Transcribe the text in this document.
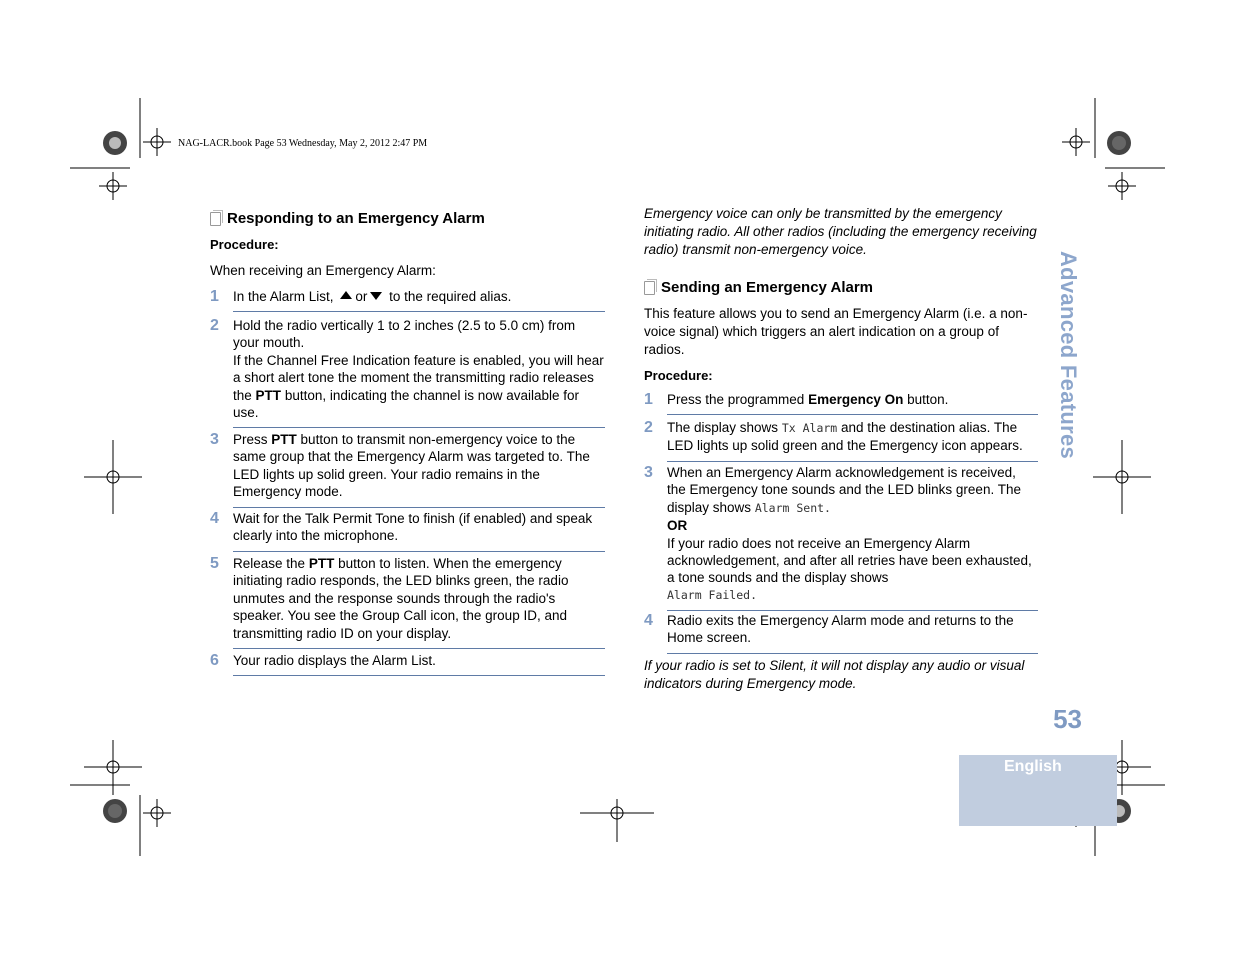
NAG-LACR.book Page 53 Wednesday, May 2, 2012 2:47 PM
Responding to an Emergency Alarm
Procedure:
When receiving an Emergency Alarm:
1	In the Alarm List, or to the required alias.
2	Hold the radio vertically 1 to 2 inches (2.5 to 5.0 cm) from your mouth.
If the Channel Free Indication feature is enabled, you will hear a short alert tone the moment the transmitting radio releases the PTT button, indicating the channel is now available for use.
3	Press PTT button to transmit non-emergency voice to the same group that the Emergency Alarm was targeted to. The LED lights up solid green. Your radio remains in the Emergency mode.
4	Wait for the Talk Permit Tone to finish (if enabled) and speak clearly into the microphone.
5	Release the PTT button to listen. When the emergency initiating radio responds, the LED blinks green, the radio unmutes and the response sounds through the radio's speaker. You see the Group Call icon, the group ID, and transmitting radio ID on your display.
6	Your radio displays the Alarm List.
Emergency voice can only be transmitted by the emergency initiating radio. All other radios (including the emergency receiving radio) transmit non-emergency voice.
Sending an Emergency Alarm
This feature allows you to send an Emergency Alarm (i.e. a non-voice signal) which triggers an alert indication on a group of radios.
Procedure:
1	Press the programmed Emergency On button.
2	The display shows Tx Alarm and the destination alias. The LED lights up solid green and the Emergency icon appears.
3	When an Emergency Alarm acknowledgement is received, the Emergency tone sounds and the LED blinks green. The display shows Alarm Sent.
OR
If your radio does not receive an Emergency Alarm acknowledgement, and after all retries have been exhausted, a tone sounds and the display shows
Alarm Failed.
4	Radio exits the Emergency Alarm mode and returns to the Home screen.
If your radio is set to Silent, it will not display any audio or visual indicators during Emergency mode.
Advanced Features
53
English
